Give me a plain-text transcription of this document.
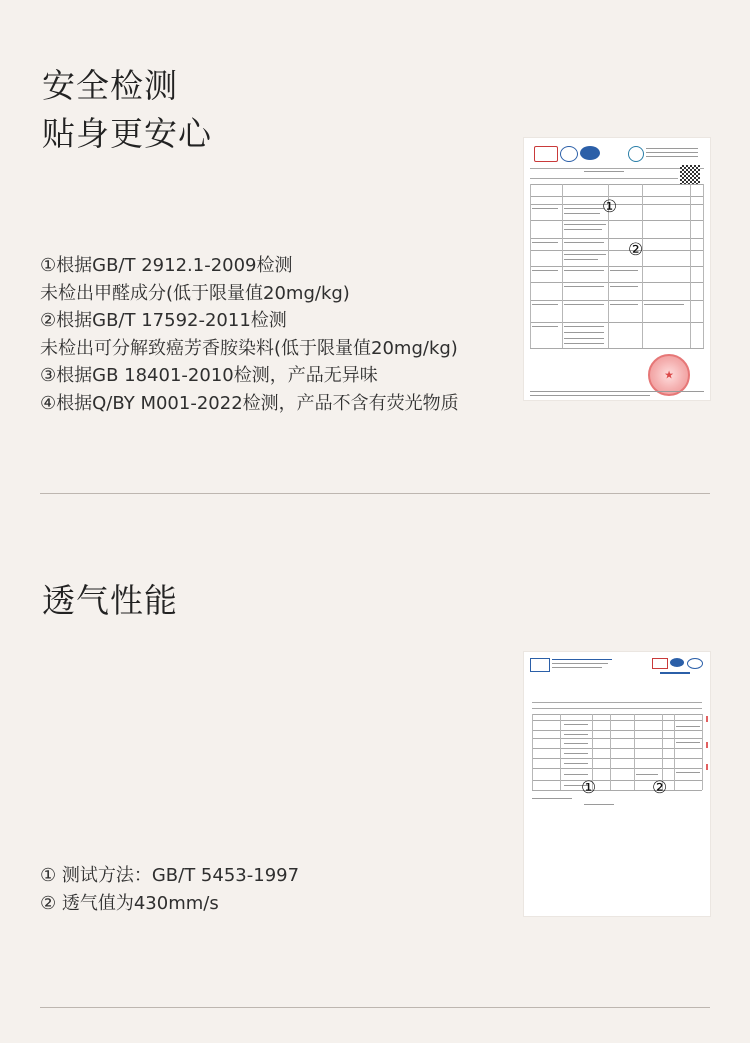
安全检测
贴身更安心
①根据GB/T 2912.1-2009检测
未检出甲醛成分(低于限量值20mg/kg)
②根据GB/T 17592-2011检测
未检出可分解致癌芳香胺染料(低于限量值20mg/kg)
③根据GB 18401-2010检测，产品无异味
④根据Q/BY M001-2022检测，产品不含有荧光物质
①
②
★
透气性能
① 测试方法：GB/T 5453-1997
② 透气值为430mm/s
①	②
